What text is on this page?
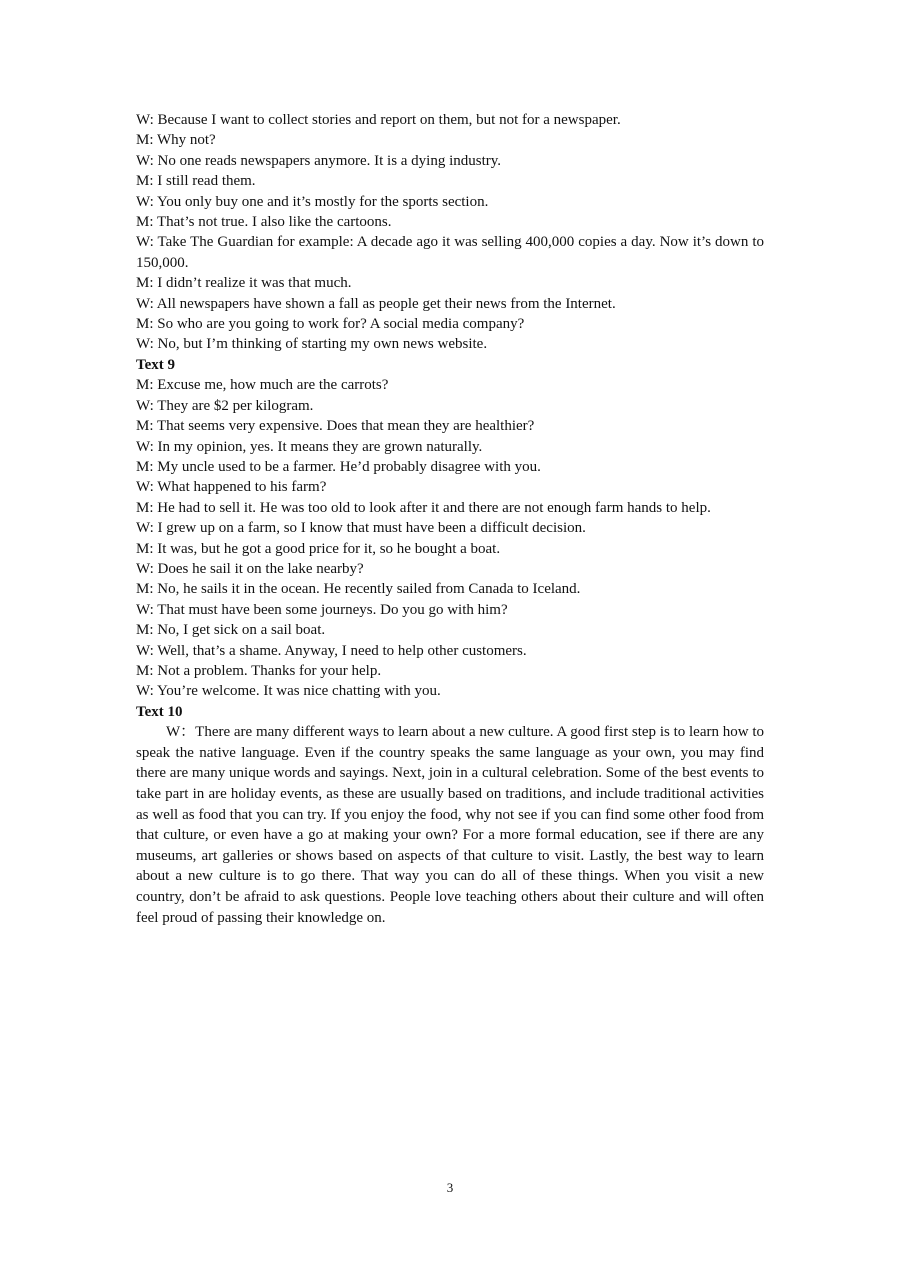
W: Because I want to collect stories and report on them, but not for a newspaper.
M: Why not?
W: No one reads newspapers anymore. It is a dying industry.
M: I still read them.
W: You only buy one and it’s mostly for the sports section.
M: That’s not true. I also like the cartoons.
W: Take The Guardian for example: A decade ago it was selling 400,000 copies a day. Now it’s down to 150,000.
M: I didn’t realize it was that much.
W: All newspapers have shown a fall as people get their news from the Internet.
M: So who are you going to work for? A social media company?
W: No, but I’m thinking of starting my own news website.
Text 9
M: Excuse me, how much are the carrots?
W: They are $2 per kilogram.
M: That seems very expensive. Does that mean they are healthier?
W: In my opinion, yes. It means they are grown naturally.
M: My uncle used to be a farmer. He’d probably disagree with you.
W: What happened to his farm?
M: He had to sell it. He was too old to look after it and there are not enough farm hands to help.
W: I grew up on a farm, so I know that must have been a difficult decision.
M: It was, but he got a good price for it, so he bought a boat.
W: Does he sail it on the lake nearby?
M: No, he sails it in the ocean. He recently sailed from Canada to Iceland.
W: That must have been some journeys. Do you go with him?
M: No, I get sick on a sail boat.
W: Well, that’s a shame. Anyway, I need to help other customers.
M: Not a problem. Thanks for your help.
W: You’re welcome. It was nice chatting with you.
Text 10
W：There are many different ways to learn about a new culture. A good first step is to learn how to speak the native language. Even if the country speaks the same language as your own, you may find there are many unique words and sayings. Next, join in a cultural celebration. Some of the best events to take part in are holiday events, as these are usually based on traditions, and include traditional activities as well as food that you can try. If you enjoy the food, why not see if you can find some other food from that culture, or even have a go at making your own? For a more formal education, see if there are any museums, art galleries or shows based on aspects of that culture to visit. Lastly, the best way to learn about a new culture is to go there. That way you can do all of these things. When you visit a new country, don’t be afraid to ask questions. People love teaching others about their culture and will often feel proud of passing their knowledge on.
3
